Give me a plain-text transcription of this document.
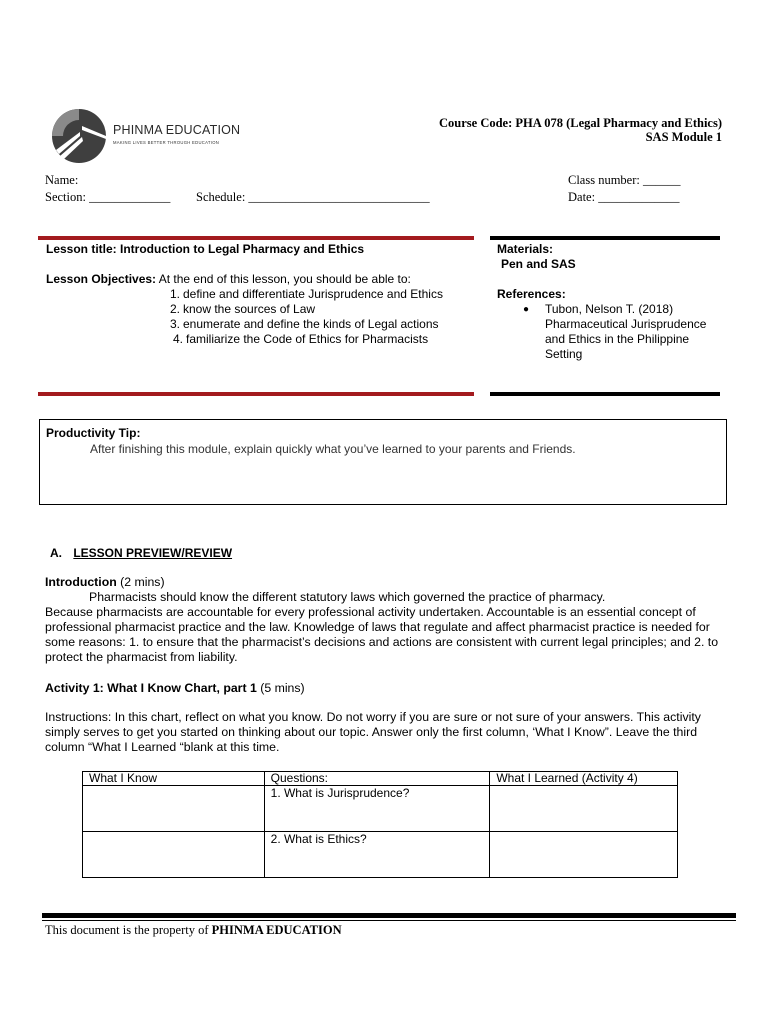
PHINMA EDUCATION
MAKING LIVES BETTER THROUGH EDUCATION
Course Code: PHA 078 (Legal Pharmacy and Ethics)
SAS Module 1
Name:
Section: _____________ Schedule: _____________________________
Class number: ______
Date: _____________
Lesson title: Introduction to Legal Pharmacy and Ethics
Lesson Objectives: At the end of this lesson, you should be able to:
1. define and differentiate Jurisprudence and Ethics
2. know the sources of Law
3. enumerate and define the kinds of Legal actions
4. familiarize the Code of Ethics for Pharmacists
Materials:
Pen and SAS
References:
● Tubon, Nelson T. (2018) Pharmaceutical Jurisprudence and Ethics in the Philippine Setting
Productivity Tip:
After finishing this module, explain quickly what you’ve learned to your parents and Friends.
A. LESSON PREVIEW/REVIEW

Introduction (2 mins)

Pharmacists should know the different statutory laws which governed the practice of pharmacy.

Because pharmacists are accountable for every professional activity undertaken. Accountable is an essential concept of professional pharmacist practice and the law. Knowledge of laws that regulate and affect pharmacist practice is needed for some reasons: 1. to ensure that the pharmacist’s decisions and actions are consistent with current legal principles; and 2. to protect the pharmacist from liability.

Activity 1: What I Know Chart, part 1 (5 mins)

Instructions: In this chart, reflect on what you know. Do not worry if you are sure or not sure of your answers. This activity simply serves to get you started on thinking about our topic. Answer only the first column, ‘What I Know”. Leave the third column “What I Learned “blank at this time.

What I Know	Questions:	What I Learned (Activity 4)
	1. What is Jurisprudence?	
	2. What is Ethics?	
This document is the property of PHINMA EDUCATION
